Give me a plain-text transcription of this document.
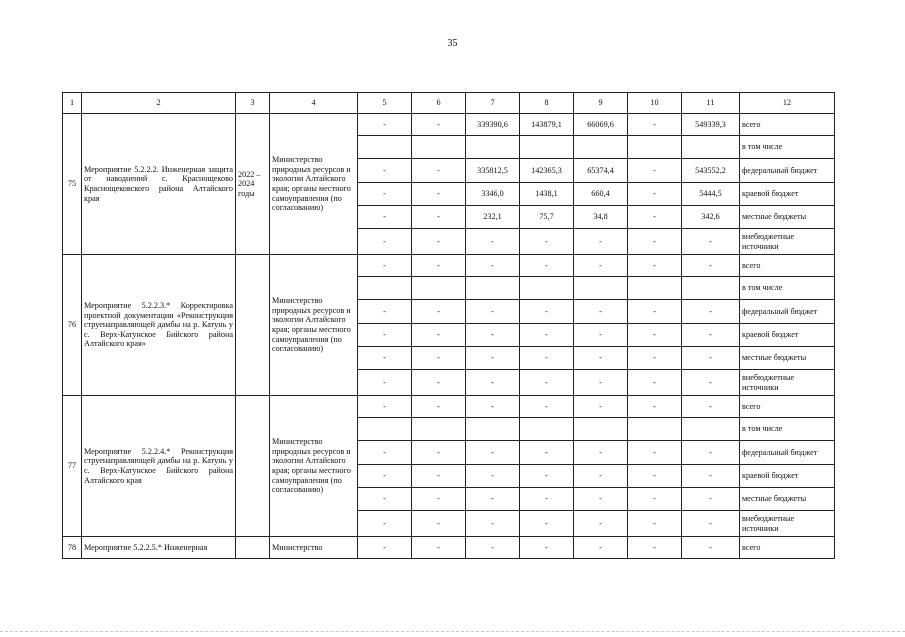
35
1	2	3	4	5	6	7	8	9	10	11	12
75	Мероприятие 5.2.2.2. Инженерная защита от наводнений с. Краснощеково Краснощековского района Алтайского края	2022 – 2024 годы	Министерство природных ресурсов и экологии Алтайского края; органы местного самоуправления (по согласованию)	-	-	339390,6	143879,1	66069,6	-	549339,3	всего
											в том числе
				-	-	335812,5	142365,3	65374,4	-	543552,2	федеральный бюджет
				-	-	3346,0	1438,1	660,4	-	5444,5	краевой бюджет
				-	-	232,1	75,7	34,8	-	342,6	местные бюджеты
				-	-	-	-	-	-	-	внебюджетные источники
76	Мероприятие 5.2.2.3.* Корректировка проектной документации «Реконструкция струенаправляющей дамбы на р. Катунь у с. Верх-Катунское Бийского района Алтайского края»		Министерство природных ресурсов и экологии Алтайского края; органы местного самоуправления (по согласованию)	-	-	-	-	-	-	-	всего
											в том числе
				-	-	-	-	-	-	-	федеральный бюджет
				-	-	-	-	-	-	-	краевой бюджет
				-	-	-	-	-	-	-	местные бюджеты
				-	-	-	-	-	-	-	внебюджетные источники
77	Мероприятие 5.2.2.4.* Реконструкция струенаправляющей дамбы на р. Катунь у с. Верх-Катунское Бийского района Алтайского края		Министерство природных ресурсов и экологии Алтайского края; органы местного самоуправления (по согласованию)	-	-	-	-	-	-	-	всего
											в том числе
				-	-	-	-	-	-	-	федеральный бюджет
				-	-	-	-	-	-	-	краевой бюджет
				-	-	-	-	-	-	-	местные бюджеты
				-	-	-	-	-	-	-	внебюджетные источники
78	Мероприятие 5.2.2.5.* Инженерная		Министерство	-	-	-	-	-	-	-	всего
